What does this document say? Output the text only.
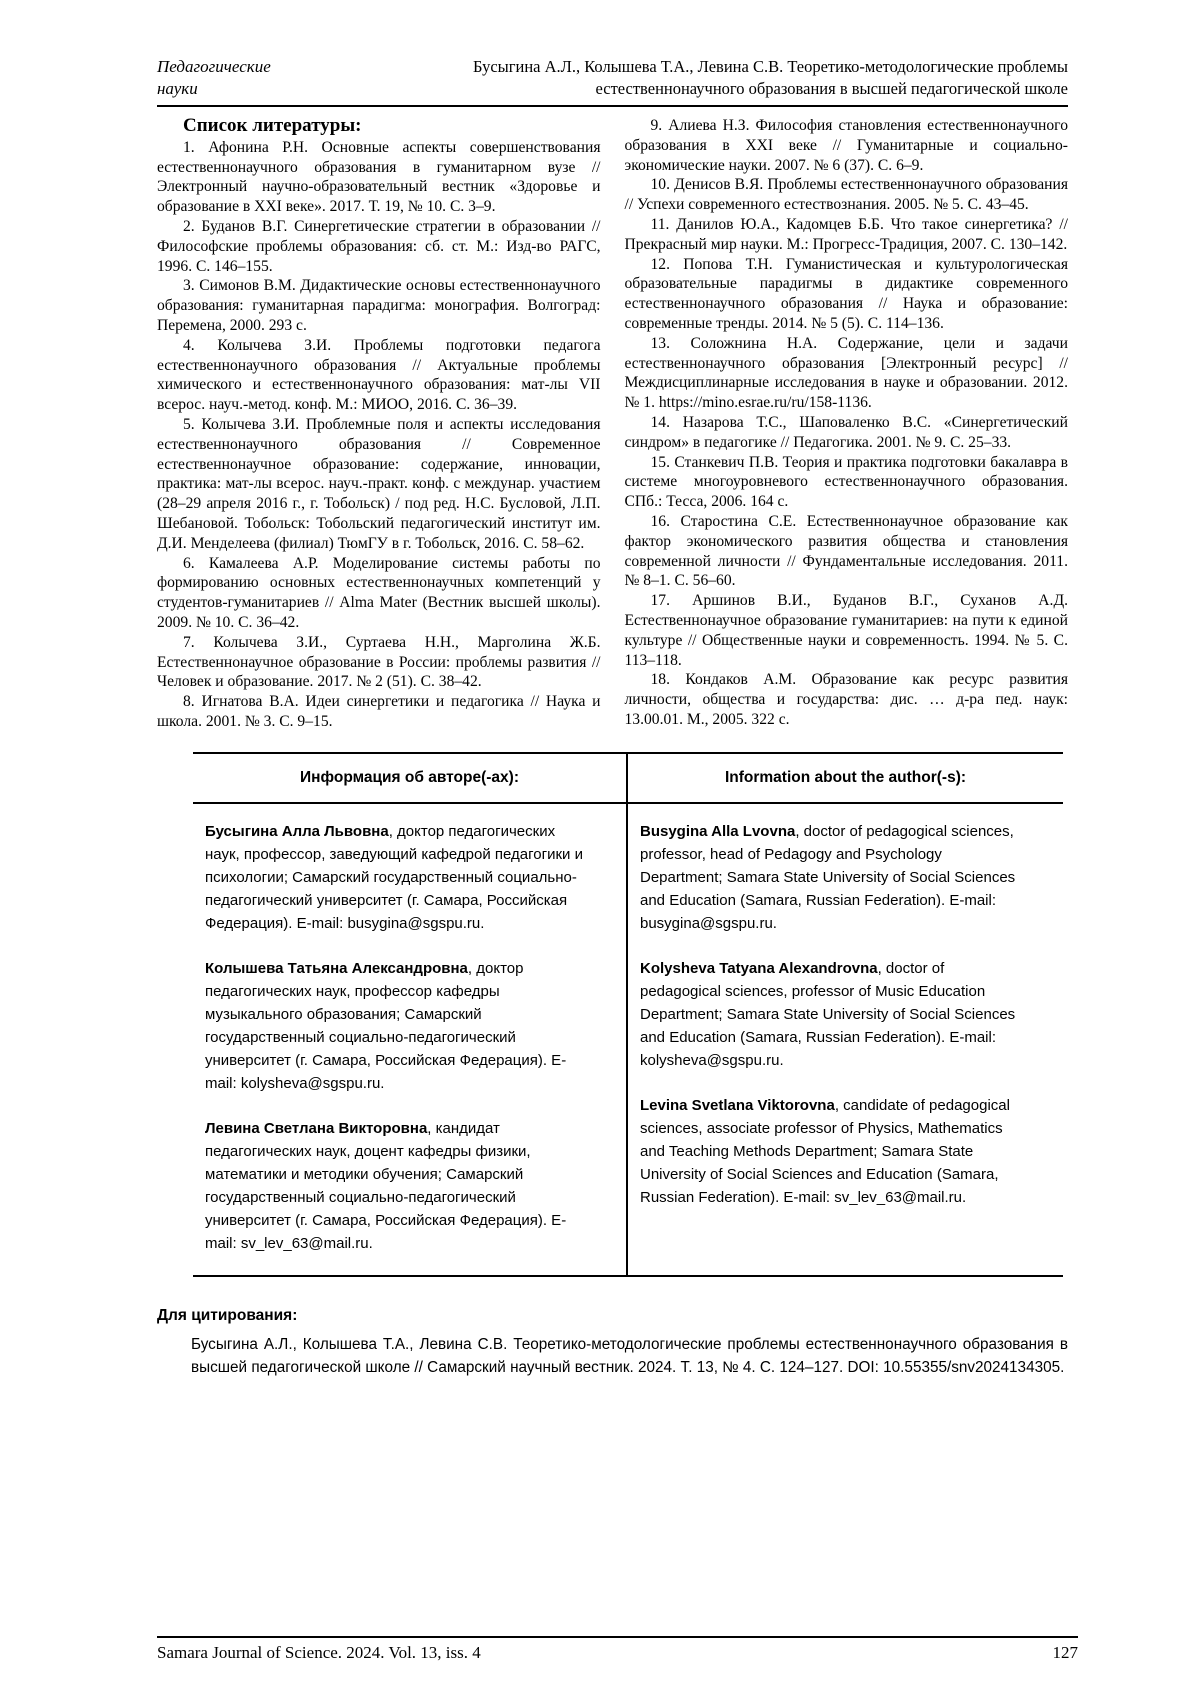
Педагогические
науки
Бусыгина А.Л., Колышева Т.А., Левина С.В. Теоретико-методологические проблемы
естественнонаучного образования в высшей педагогической школе
Список литературы:

1. Афонина Р.Н. Основные аспекты совершенствования естественнонаучного образования в гуманитарном вузе // Электронный научно-образовательный вестник «Здоровье и образование в XXI веке». 2017. Т. 19, № 10. С. 3–9.

2. Буданов В.Г. Синергетические стратегии в образовании // Философские проблемы образования: сб. ст. М.: Изд-во РАГС, 1996. С. 146–155.

3. Симонов В.М. Дидактические основы естественнонаучного образования: гуманитарная парадигма: монография. Волгоград: Перемена, 2000. 293 с.

4. Колычева З.И. Проблемы подготовки педагога естественнонаучного образования // Актуальные проблемы химического и естественнонаучного образования: мат-лы VII всерос. науч.-метод. конф. М.: МИОО, 2016. С. 36–39.

5. Колычева З.И. Проблемные поля и аспекты исследования естественнонаучного образования // Современное естественнонаучное образование: содержание, инновации, практика: мат-лы всерос. науч.-практ. конф. с междунар. участием (28–29 апреля 2016 г., г. Тобольск) / под ред. Н.С. Бусловой, Л.П. Шебановой. Тобольск: Тобольский педагогический институт им. Д.И. Менделеева (филиал) ТюмГУ в г. Тобольск, 2016. С. 58–62.

6. Камалеева А.Р. Моделирование системы работы по формированию основных естественнонаучных компетенций у студентов-гуманитариев // Alma Mater (Вестник высшей школы). 2009. № 10. С. 36–42.

7. Колычева З.И., Суртаева Н.Н., Марголина Ж.Б. Естественнонаучное образование в России: проблемы развития // Человек и образование. 2017. № 2 (51). С. 38–42.

8. Игнатова В.А. Идеи синергетики и педагогика // Наука и школа. 2001. № 3. С. 9–15.

9. Алиева Н.З. Философия становления естественнонаучного образования в XXI веке // Гуманитарные и социально-экономические науки. 2007. № 6 (37). С. 6–9.

10. Денисов В.Я. Проблемы естественнонаучного образования // Успехи современного естествознания. 2005. № 5. С. 43–45.

11. Данилов Ю.А., Кадомцев Б.Б. Что такое синергетика? // Прекрасный мир науки. М.: Прогресс-Традиция, 2007. С. 130–142.

12. Попова Т.Н. Гуманистическая и культурологическая образовательные парадигмы в дидактике современного естественнонаучного образования // Наука и образование: современные тренды. 2014. № 5 (5). С. 114–136.

13. Соложнина Н.А. Содержание, цели и задачи естественнонаучного образования [Электронный ресурс] // Междисциплинарные исследования в науке и образовании. 2012. № 1. https://mino.esrae.ru/ru/158-1136.

14. Назарова Т.С., Шаповаленко В.С. «Синергетический синдром» в педагогике // Педагогика. 2001. № 9. С. 25–33.

15. Станкевич П.В. Теория и практика подготовки бакалавра в системе многоуровневого естественнонаучного образования. СПб.: Тесса, 2006. 164 с.

16. Старостина С.Е. Естественнонаучное образование как фактор экономического развития общества и становления современной личности // Фундаментальные исследования. 2011. № 8–1. С. 56–60.

17. Аршинов В.И., Буданов В.Г., Суханов А.Д. Естественнонаучное образование гуманитариев: на пути к единой культуре // Общественные науки и современность. 1994. № 5. С. 113–118.

18. Кондаков А.М. Образование как ресурс развития личности, общества и государства: дис. … д-ра пед. наук: 13.00.01. М., 2005. 322 с.

Информация об авторе(-ах):	Information about the author(-s):

Бусыгина Алла Львовна, доктор педагогических наук, профессор, заведующий кафедрой педагогики и психологии; Самарский государственный социально-педагогический университет (г. Самара, Российская Федерация). E-mail: busygina@sgspu.ru.

Колышева Татьяна Александровна, доктор педагогических наук, профессор кафедры музыкального образования; Самарский государственный социально-педагогический университет (г. Самара, Российская Федерация). E-mail: kolysheva@sgspu.ru.

Левина Светлана Викторовна, кандидат педагогических наук, доцент кафедры физики, математики и методики обучения; Самарский государственный социально-педагогический университет (г. Самара, Российская Федерация). E-mail: sv_lev_63@mail.ru.

Busygina Alla Lvovna, doctor of pedagogical sciences, professor, head of Pedagogy and Psychology Department; Samara State University of Social Sciences and Education (Samara, Russian Federation). E-mail: busygina@sgspu.ru.

Kolysheva Tatyana Alexandrovna, doctor of pedagogical sciences, professor of Music Education Department; Samara State University of Social Sciences and Education (Samara, Russian Federation). E-mail: kolysheva@sgspu.ru.

Levina Svetlana Viktorovna, candidate of pedagogical sciences, associate professor of Physics, Mathematics and Teaching Methods Department; Samara State University of Social Sciences and Education (Samara, Russian Federation). E-mail: sv_lev_63@mail.ru.

Для цитирования:

Бусыгина А.Л., Колышева Т.А., Левина С.В. Теоретико-методологические проблемы естественнонаучного образования в высшей педагогической школе // Самарский научный вестник. 2024. Т. 13, № 4. С. 124–127. DOI: 10.55355/snv2024134305.

Samara Journal of Science. 2024. Vol. 13, iss. 4	127
